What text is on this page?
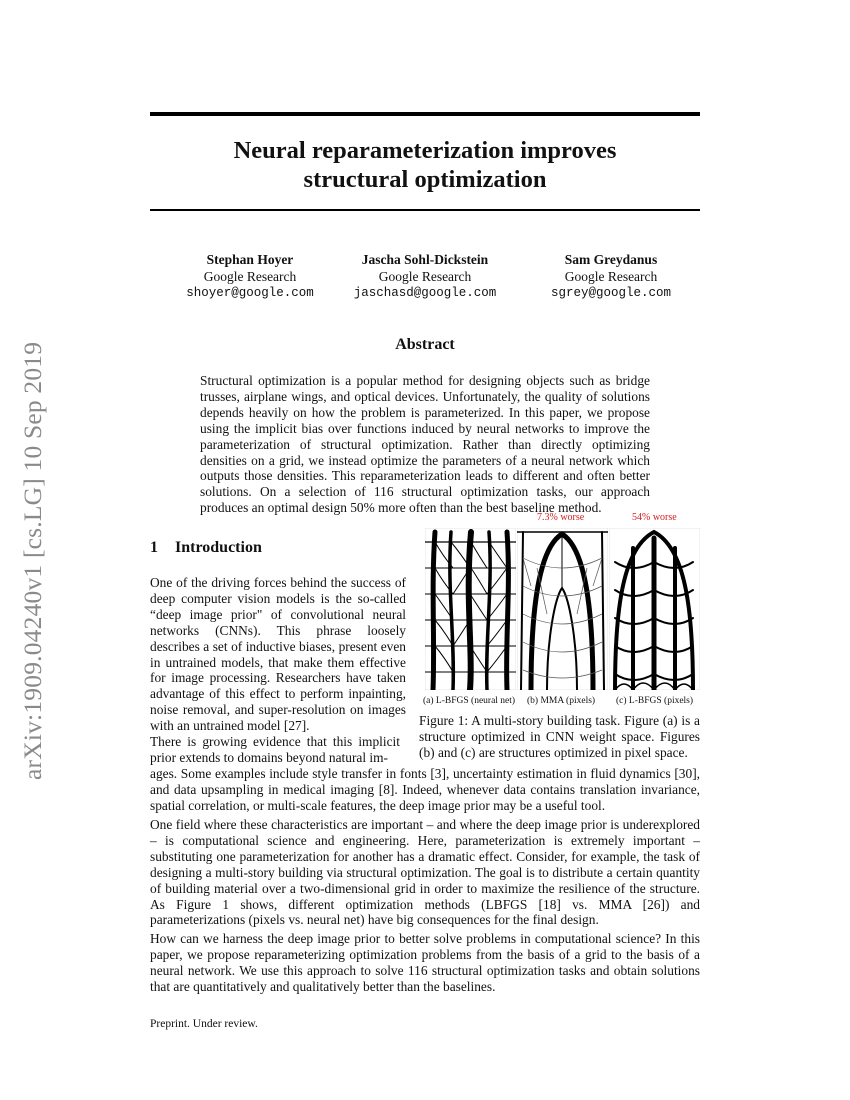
arXiv:1909.04240v1 [cs.LG] 10 Sep 2019
Neural reparameterization improves
structural optimization
Stephan Hoyer
Google Research
shoyer@google.com
Jascha Sohl-Dickstein
Google Research
jaschasd@google.com
Sam Greydanus
Google Research
sgrey@google.com
Abstract
Structural optimization is a popular method for designing objects such as bridge trusses, airplane wings, and optical devices. Unfortunately, the quality of solutions depends heavily on how the problem is parameterized. In this paper, we propose using the implicit bias over functions induced by neural networks to improve the parameterization of structural optimization. Rather than directly optimizing densities on a grid, we instead optimize the parameters of a neural network which outputs those densities. This reparameterization leads to different and often better solutions. On a selection of 116 structural optimization tasks, our approach produces an optimal design 50% more often than the best baseline method.
1 Introduction

One of the driving forces behind the success of deep computer vision models is the so-called “deep image prior" of convolutional neural networks (CNNs). This phrase loosely describes a set of inductive biases, present even in untrained models, that make them effective for image processing. Researchers have taken advantage of this effect to perform inpainting, noise removal, and super-resolution on images with an untrained model [27].

There is growing evidence that this implicit prior extends to domains beyond natural im-
ages. Some examples include style transfer in fonts [3], uncertainty estimation in fluid dynamics [30], and data upsampling in medical imaging [8]. Indeed, whenever data contains translation invariance, spatial correlation, or multi-scale features, the deep image prior may be a useful tool.
One field where these characteristics are important – and where the deep image prior is underexplored – is computational science and engineering. Here, parameterization is extremely important – substituting one parameterization for another has a dramatic effect. Consider, for example, the task of designing a multi-story building via structural optimization. The goal is to distribute a certain quantity of building material over a two-dimensional grid in order to maximize the resilience of the structure. As Figure 1 shows, different optimization methods (LBFGS [18] vs. MMA [26]) and parameterizations (pixels vs. neural net) have big consequences for the final design.
How can we harness the deep image prior to better solve problems in computational science? In this paper, we propose reparameterizing optimization problems from the basis of a grid to the basis of a neural network. We use this approach to solve 116 structural optimization tasks and obtain solutions that are quantitatively and qualitatively better than the baselines.
7.3% worse	54% worse
(a) L-BFGS (neural net) (b) MMA (pixels) (c) L-BFGS (pixels)
Figure 1: A multi-story building task. Figure (a) is a structure optimized in CNN weight space. Figures (b) and (c) are structures optimized in pixel space.
Preprint. Under review.
